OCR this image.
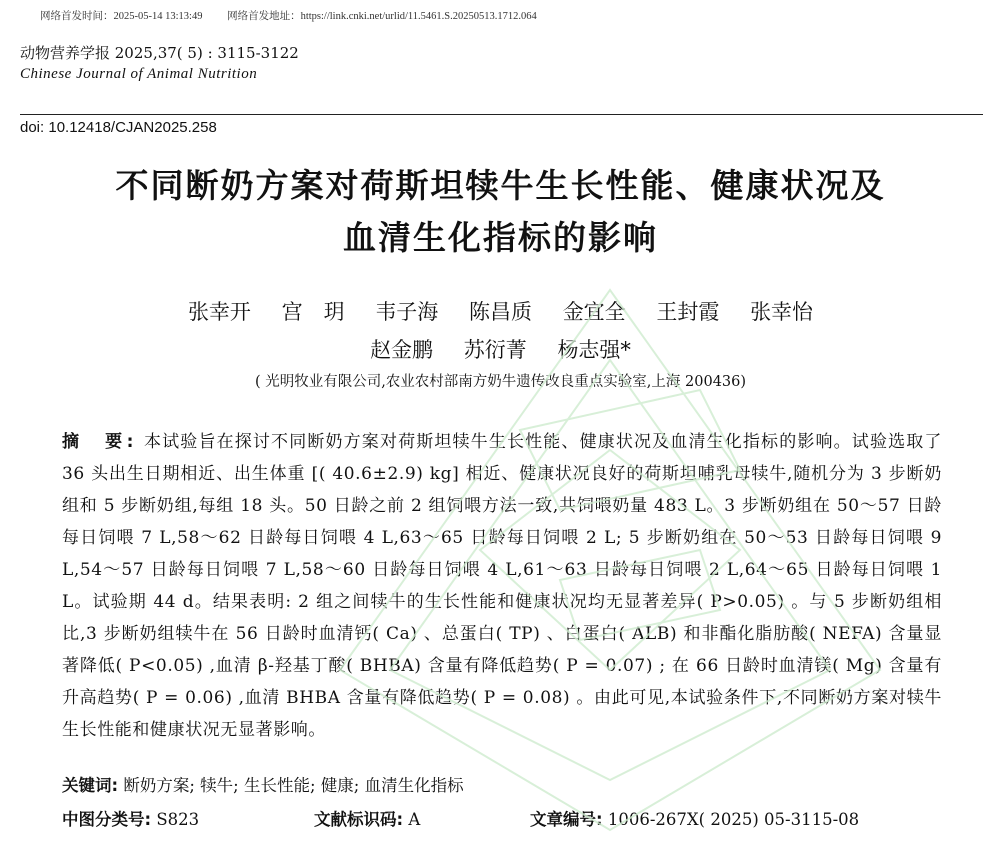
网络首发时间：2025-05-14 13:13:49 网络首发地址：https://link.cnki.net/urlid/11.5461.S.20250513.1712.064
动物营养学报 2025,37( 5) : 3115-3122
Chinese Journal of Animal Nutrition
doi: 10.12418/CJAN2025.258
不同断奶方案对荷斯坦犊牛生长性能、健康状况及
血清生化指标的影响
张幸开 宫　玥 韦子海 陈昌质 金宜全 王封霞 张幸怡
赵金鹏 苏衍菁 杨志强*
( 光明牧业有限公司,农业农村部南方奶牛遗传改良重点实验室,上海 200436)
摘　要: 本试验旨在探讨不同断奶方案对荷斯坦犊牛生长性能、健康状况及血清生化指标的影响。试验选取了 36 头出生日期相近、出生体重 [( 40.6±2.9) kg] 相近、健康状况良好的荷斯坦哺乳母犊牛,随机分为 3 步断奶组和 5 步断奶组,每组 18 头。50 日龄之前 2 组饲喂方法一致,共饲喂奶量 483 L。3 步断奶组在 50～57 日龄每日饲喂 7 L,58～62 日龄每日饲喂 4 L,63～65 日龄每日饲喂 2 L; 5 步断奶组在 50～53 日龄每日饲喂 9 L,54～57 日龄每日饲喂 7 L,58～60 日龄每日饲喂 4 L,61～63 日龄每日饲喂 2 L,64～65 日龄每日饲喂 1 L。试验期 44 d。结果表明: 2 组之间犊牛的生长性能和健康状况均无显著差异( P>0.05) 。与 5 步断奶组相比,3 步断奶组犊牛在 56 日龄时血清钙( Ca) 、总蛋白( TP) 、白蛋白( ALB) 和非酯化脂肪酸( NEFA) 含量显著降低( P<0.05) ,血清 β-羟基丁酸( BHBA) 含量有降低趋势( P = 0.07) ; 在 66 日龄时血清镁( Mg) 含量有升高趋势( P = 0.06) ,血清 BHBA 含量有降低趋势( P = 0.08) 。由此可见,本试验条件下,不同断奶方案对犊牛生长性能和健康状况无显著影响。
关键词: 断奶方案; 犊牛; 生长性能; 健康; 血清生化指标
中图分类号: S823	文献标识码: A	文章编号: 1006-267X( 2025) 05-3115-08
